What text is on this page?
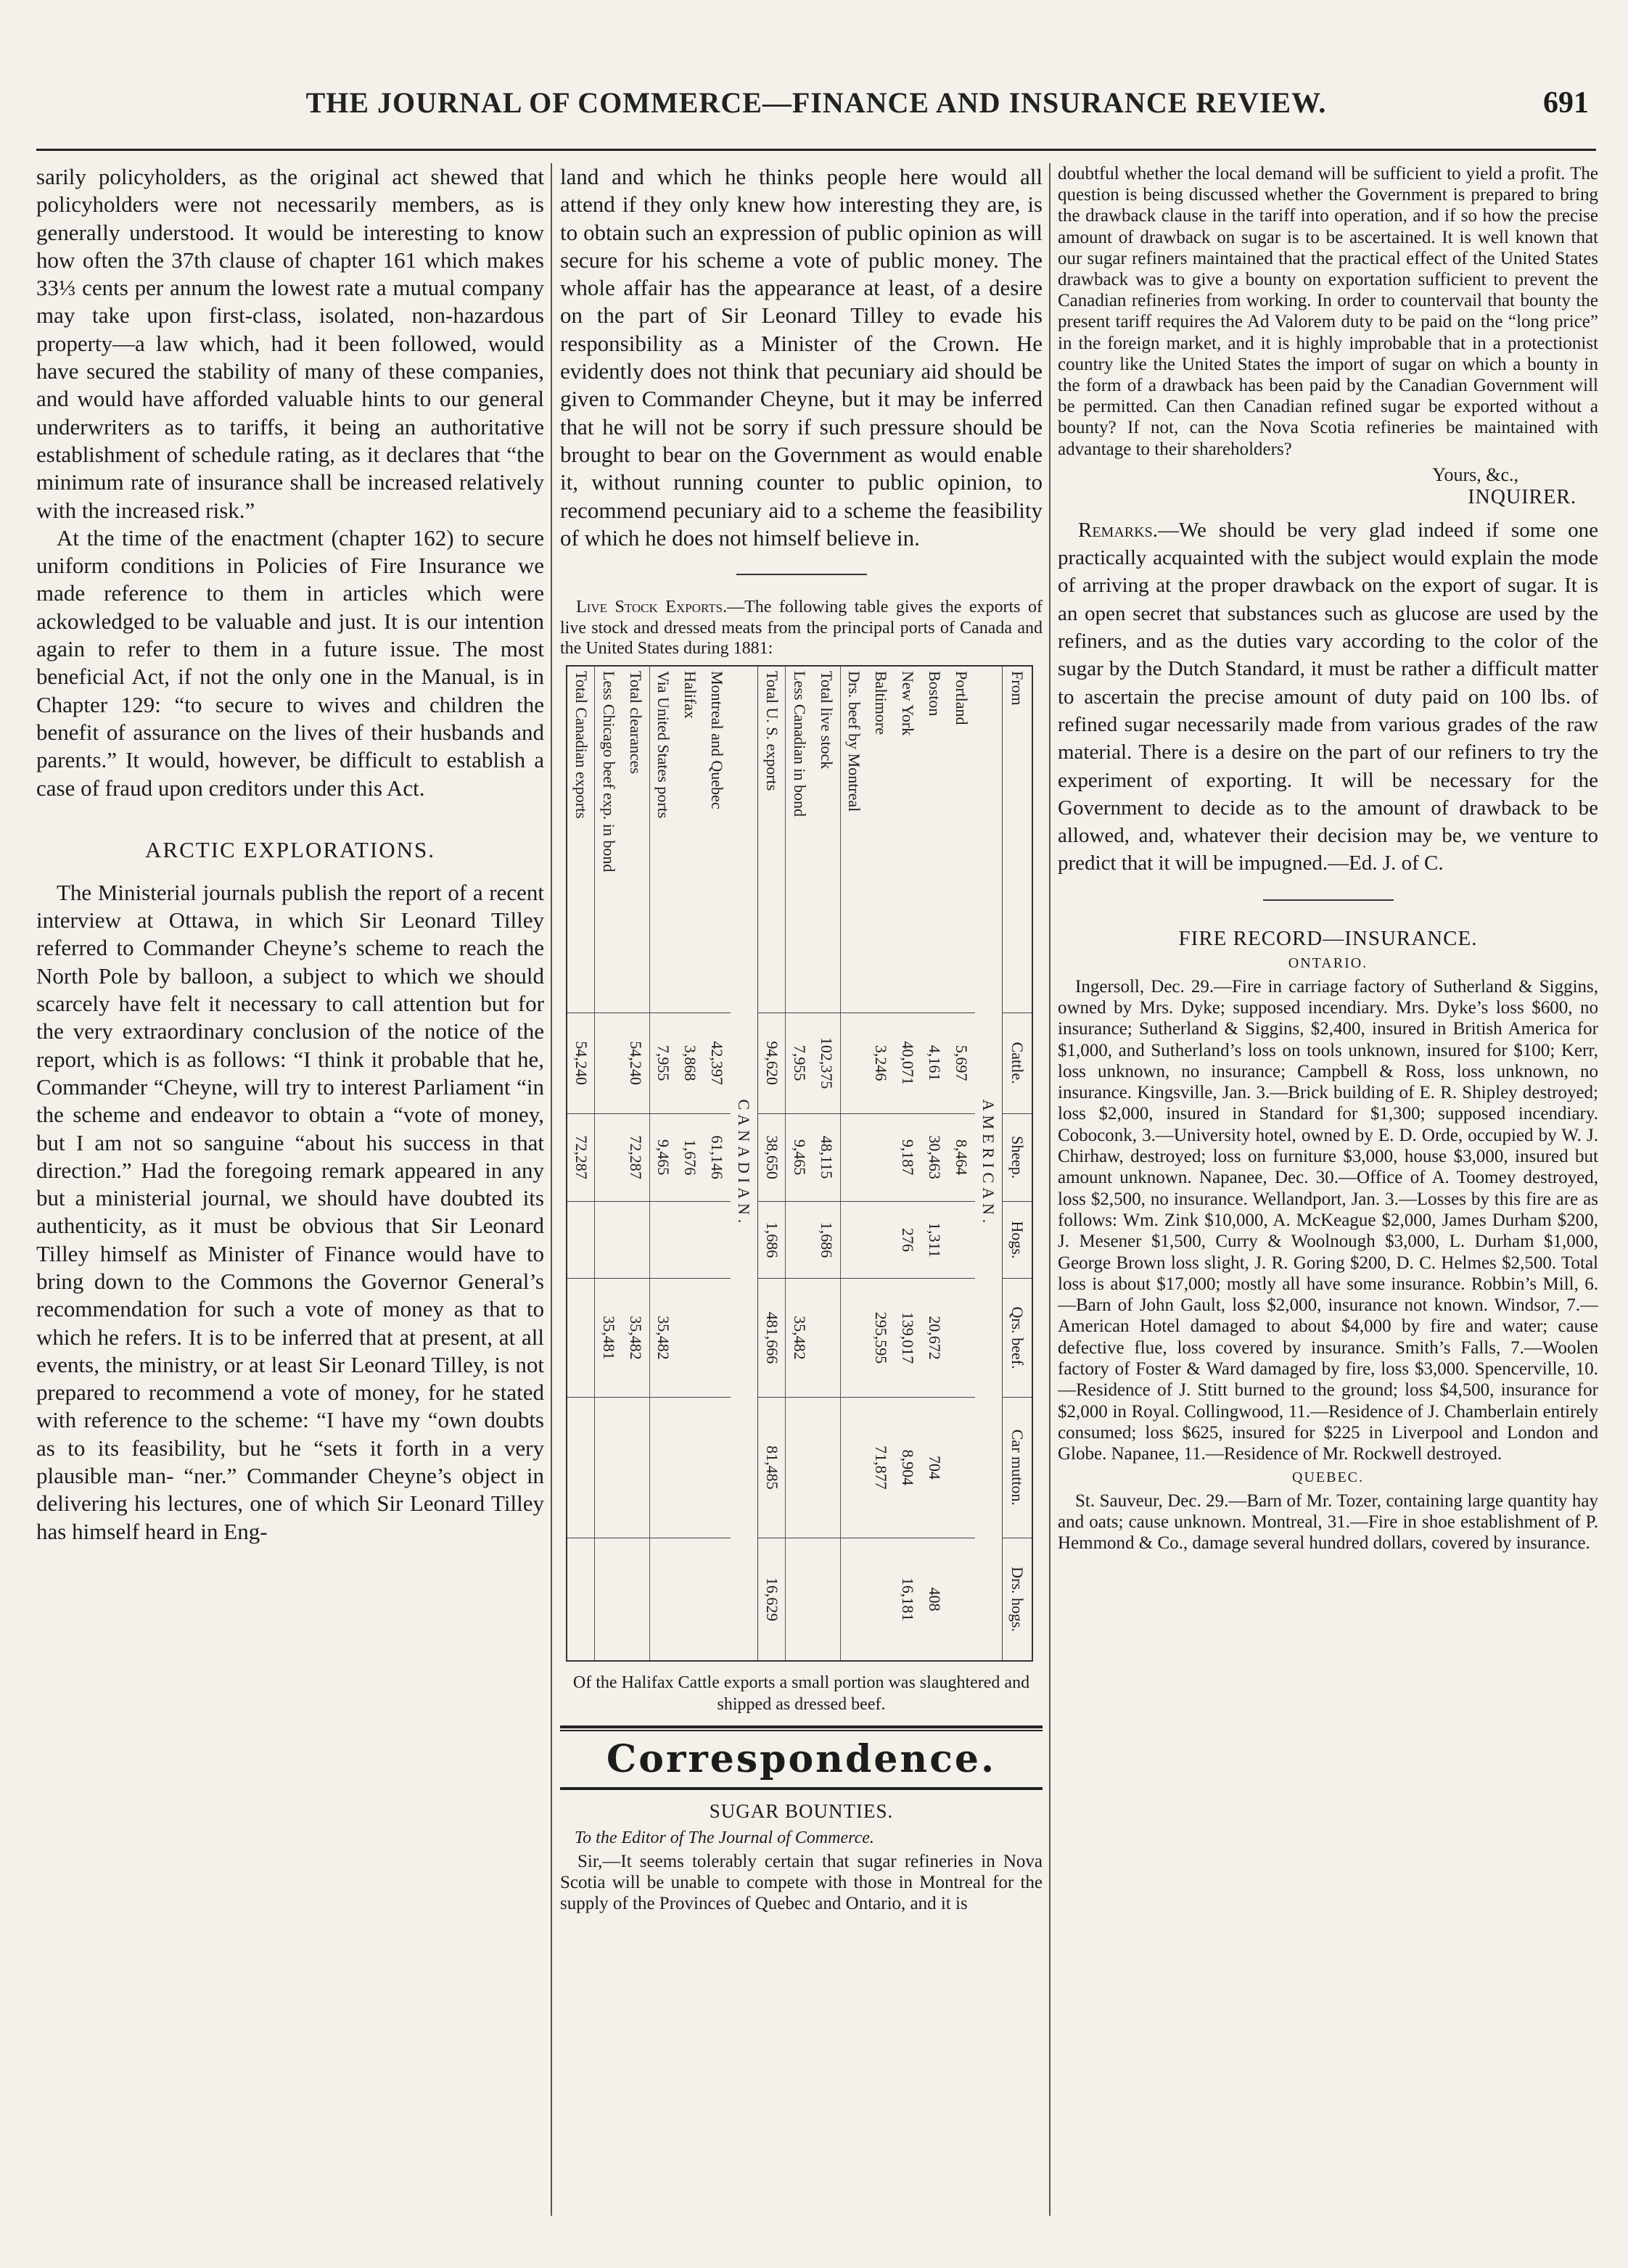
THE JOURNAL OF COMMERCE—FINANCE AND INSURANCE REVIEW.	691

sarily policyholders, as the original act shewed that policyholders were not necessarily members, as is generally understood. It would be interesting to know how often the 37th clause of chapter 161 which makes 33⅓ cents per annum the lowest rate a mutual company may take upon first-class, isolated, non-hazardous property—a law which, had it been followed, would have secured the stability of many of these companies, and would have afforded valuable hints to our general underwriters as to tariffs, it being an authoritative establishment of schedule rating, as it declares that “the minimum rate of insurance shall be increased relatively with the increased risk.”

At the time of the enactment (chapter 162) to secure uniform conditions in Policies of Fire Insurance we made reference to them in articles which were ackowledged to be valuable and just. It is our intention again to refer to them in a future issue. The most beneficial Act, if not the only one in the Manual, is in Chapter 129: “to secure to wives and children the benefit of assurance on the lives of their husbands and parents.” It would, however, be difficult to establish a case of fraud upon creditors under this Act.

ARCTIC EXPLORATIONS.

The Ministerial journals publish the report of a recent interview at Ottawa, in which Sir Leonard Tilley referred to Commander Cheyne’s scheme to reach the North Pole by balloon, a subject to which we should scarcely have felt it necessary to call attention but for the very extraordinary conclusion of the notice of the report, which is as follows: “I think it probable that he, Commander “Cheyne, will try to interest Parliament “in the scheme and endeavor to obtain a “vote of money, but I am not so sanguine “about his success in that direction.” Had the foregoing remark appeared in any but a ministerial journal, we should have doubted its authenticity, as it must be obvious that Sir Leonard Tilley himself as Minister of Finance would have to bring down to the Commons the Governor General’s recommendation for such a vote of money as that to which he refers. It is to be inferred that at present, at all events, the ministry, or at least Sir Leonard Tilley, is not prepared to recommend a vote of money, for he stated with reference to the scheme: “I have my “own doubts as to its feasibility, but he “sets it forth in a very plausible man- “ner.” Commander Cheyne’s object in delivering his lectures, one of which Sir Leonard Tilley has himself heard in Eng-

land and which he thinks people here would all attend if they only knew how interesting they are, is to obtain such an expression of public opinion as will secure for his scheme a vote of public money. The whole affair has the appearance at least, of a desire on the part of Sir Leonard Tilley to evade his responsibility as a Minister of the Crown. He evidently does not think that pecuniary aid should be given to Commander Cheyne, but it may be inferred that he will not be sorry if such pressure should be brought to bear on the Government as would enable it, without running counter to public opinion, to recommend pecuniary aid to a scheme the feasibility of which he does not himself believe in.

Live Stock Exports.—The following table gives the exports of live stock and dressed meats from the principal ports of Canada and the United States during 1881:

From	Cattle.	Sheep.	Hogs.	Qrs. beef.	Car mutton.	Drs. hogs.
AMERICAN.						
Portland	5,697	8,464				
Boston	4,161	30,463	1,311	20,672	704	408
New York	40,071	9,187	276	139,017	8,904	16,181
Baltimore	3,246			295,595	71,877	
Drs. beef by Montreal						
Total live stock	102,375	48,115	1,686			
Less Canadian in bond	7,955	9,465		35,482		
Total U. S. exports	94,620	38,650	1,686	481,666	81,485	16,629
CANADIAN.						
Montreal and Quebec	42,397	61,146				
Halifax	3,868	1,676				
Via United States ports	7,955	9,465		35,482		
Total clearances	54,240	72,287		35,482		
Less Chicago beef exp. in bond				35,481		
Total Canadian exports	54,240	72,287				
Of the Halifax Cattle exports a small portion was slaughtered and shipped as dressed beef.
Correspondence.
SUGAR BOUNTIES.
To the Editor of The Journal of Commerce.

Sir,—It seems tolerably certain that sugar refineries in Nova Scotia will be unable to compete with those in Montreal for the supply of the Provinces of Quebec and Ontario, and it is

doubtful whether the local demand will be sufficient to yield a profit. The question is being discussed whether the Government is prepared to bring the drawback clause in the tariff into operation, and if so how the precise amount of drawback on sugar is to be ascertained. It is well known that our sugar refiners maintained that the practical effect of the United States drawback was to give a bounty on exportation sufficient to prevent the Canadian refineries from working. In order to countervail that bounty the present tariff requires the Ad Valorem duty to be paid on the “long price” in the foreign market, and it is highly improbable that in a protectionist country like the United States the import of sugar on which a bounty in the form of a drawback has been paid by the Canadian Government will be permitted. Can then Canadian refined sugar be exported without a bounty? If not, can the Nova Scotia refineries be maintained with advantage to their shareholders?

Yours, &c.,
INQUIRER.

Remarks.—We should be very glad indeed if some one practically acquainted with the subject would explain the mode of arriving at the proper drawback on the export of sugar. It is an open secret that substances such as glucose are used by the refiners, and as the duties vary according to the color of the sugar by the Dutch Standard, it must be rather a difficult matter to ascertain the precise amount of duty paid on 100 lbs. of refined sugar necessarily made from various grades of the raw material. There is a desire on the part of our refiners to try the experiment of exporting. It will be necessary for the Government to decide as to the amount of drawback to be allowed, and, whatever their decision may be, we venture to predict that it will be impugned.—Ed. J. of C.

FIRE RECORD—INSURANCE.
ONTARIO.

Ingersoll, Dec. 29.—Fire in carriage factory of Sutherland & Siggins, owned by Mrs. Dyke; supposed incendiary. Mrs. Dyke’s loss $600, no insurance; Sutherland & Siggins, $2,400, insured in British America for $1,000, and Sutherland’s loss on tools unknown, insured for $100; Kerr, loss unknown, no insurance; Campbell & Ross, loss unknown, no insurance. Kingsville, Jan. 3.—Brick building of E. R. Shipley destroyed; loss $2,000, insured in Standard for $1,300; supposed incendiary. Coboconk, 3.—University hotel, owned by E. D. Orde, occupied by W. J. Chirhaw, destroyed; loss on furniture $3,000, house $3,000, insured but amount unknown. Napanee, Dec. 30.—Office of A. Toomey destroyed, loss $2,500, no insurance. Wellandport, Jan. 3.—Losses by this fire are as follows: Wm. Zink $10,000, A. McKeague $2,000, James Durham $200, J. Mesener $1,500, Curry & Woolnough $3,000, L. Durham $1,000, George Brown loss slight, J. R. Goring $200, D. C. Helmes $2,500. Total loss is about $17,000; mostly all have some insurance. Robbin’s Mill, 6.—Barn of John Gault, loss $2,000, insurance not known. Windsor, 7.—American Hotel damaged to about $4,000 by fire and water; cause defective flue, loss covered by insurance. Smith’s Falls, 7.—Woolen factory of Foster & Ward damaged by fire, loss $3,000. Spencerville, 10.—Residence of J. Stitt burned to the ground; loss $4,500, insurance for $2,000 in Royal. Collingwood, 11.—Residence of J. Chamberlain entirely consumed; loss $625, insured for $225 in Liverpool and London and Globe. Napanee, 11.—Residence of Mr. Rockwell destroyed.

QUEBEC.

St. Sauveur, Dec. 29.—Barn of Mr. Tozer, containing large quantity hay and oats; cause unknown. Montreal, 31.—Fire in shoe establishment of P. Hemmond & Co., damage several hundred dollars, covered by insurance.
